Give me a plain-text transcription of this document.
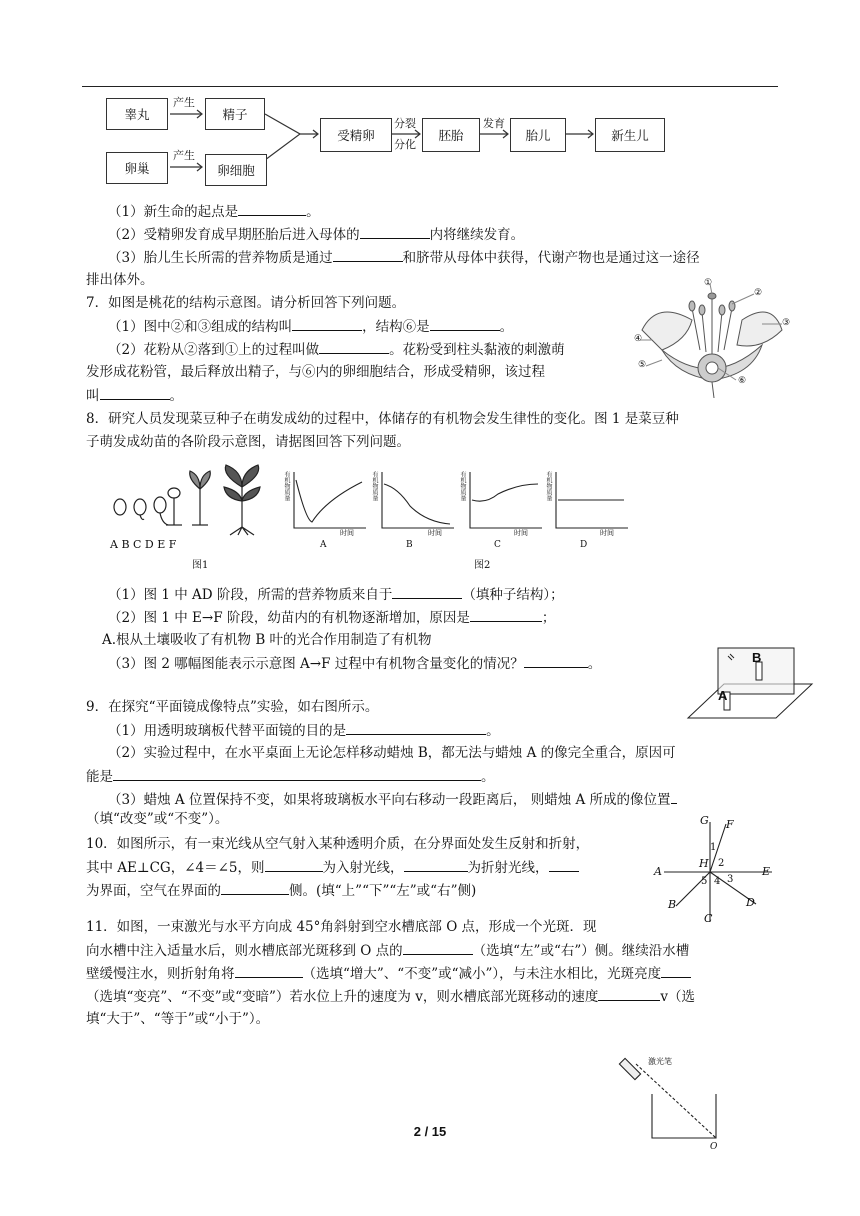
睾丸
卵巢
精子
卵细胞
受精卵	胚胎	胎儿	新生儿
产生
产生
分裂
分化
发育
（1）新生命的起点是	。
（2）受精卵发育成早期胚胎后进入母体的	内将继续发育。
（3）胎儿生长所需的营养物质是通过	和脐带从母体中获得，代谢产物也是通过这一途径
排出体外。
7．如图是桃花的结构示意图。请分析回答下列问题。
（1）图中②和③组成的结构叫	，结构⑥是	。
（2）花粉从②落到①上的过程叫做	。花粉受到柱头黏液的刺激萌
发形成花粉管，最后释放出精子，与⑥内的卵细胞结合，形成受精卵，该过程
叫	。
①
②
③
④
⑤
⑥
8．研究人员发现菜豆种子在萌发成幼的过程中，体储存的有机物会发生律性的变化。图 1 是菜豆种
子萌发成幼苗的各阶段示意图，请据图回答下列问题。
A B C D E F
图1	图2
有机物质量	有机物质量	有机物质量	有机物质量
时间	时间	时间	时间
A	B	C	D
（1）图 1 中 AD 阶段，所需的营养物质来自于	（填种子结构）；
（2）图 1 中 E→F 阶段，幼苗内的有机物逐渐增加，原因是	；
A.根从土壤吸收了有机物 B 叶的光合作用制造了有机物
（3）图 2 哪幅图能表示示意图 A→F 过程中有机物含量变化的情况？	。	B
A
9．在探究“平面镜成像特点”实验，如右图所示。
（1）用透明玻璃板代替平面镜的目的是	。
（2）实验过程中，在水平桌面上无论怎样移动蜡烛 B，都无法与蜡烛 A 的像完全重合，原因可
能是	。
（3）蜡烛 A 位置保持不变，如果将玻璃板水平向右移动一段距离后， 则蜡烛 A 所成的像位置
（填“改变”或“不变”）。
10．如图所示，有一束光线从空气射入某种透明介质，在分界面处发生反射和折射，
其中 AE⊥CG，∠4＝∠5，则	为入射光线，	为折射光线，
为界面，空气在界面的	侧。(填“上”“下”“左”或“右”侧)
G F
A	E
H
B
C
D
1
2
3
4
5
11．如图，一束激光与水平方向成 45°角斜射到空水槽底部 O 点，形成一个光斑．现
向水槽中注入适量水后，则水槽底部光斑移到 O 点的	（选填“左”或“右”）侧。继续沿水槽
壁缓慢注水，则折射角将	（选填“增大”、“不变”或“减小”），与未注水相比，光斑亮度
（选填“变亮”、“不变”或“变暗”）若水位上升的速度为 v，则水槽底部光斑移动的速度	v（选
填“大于”、“等于”或“小于”）。
激光笔
O
2 / 15
